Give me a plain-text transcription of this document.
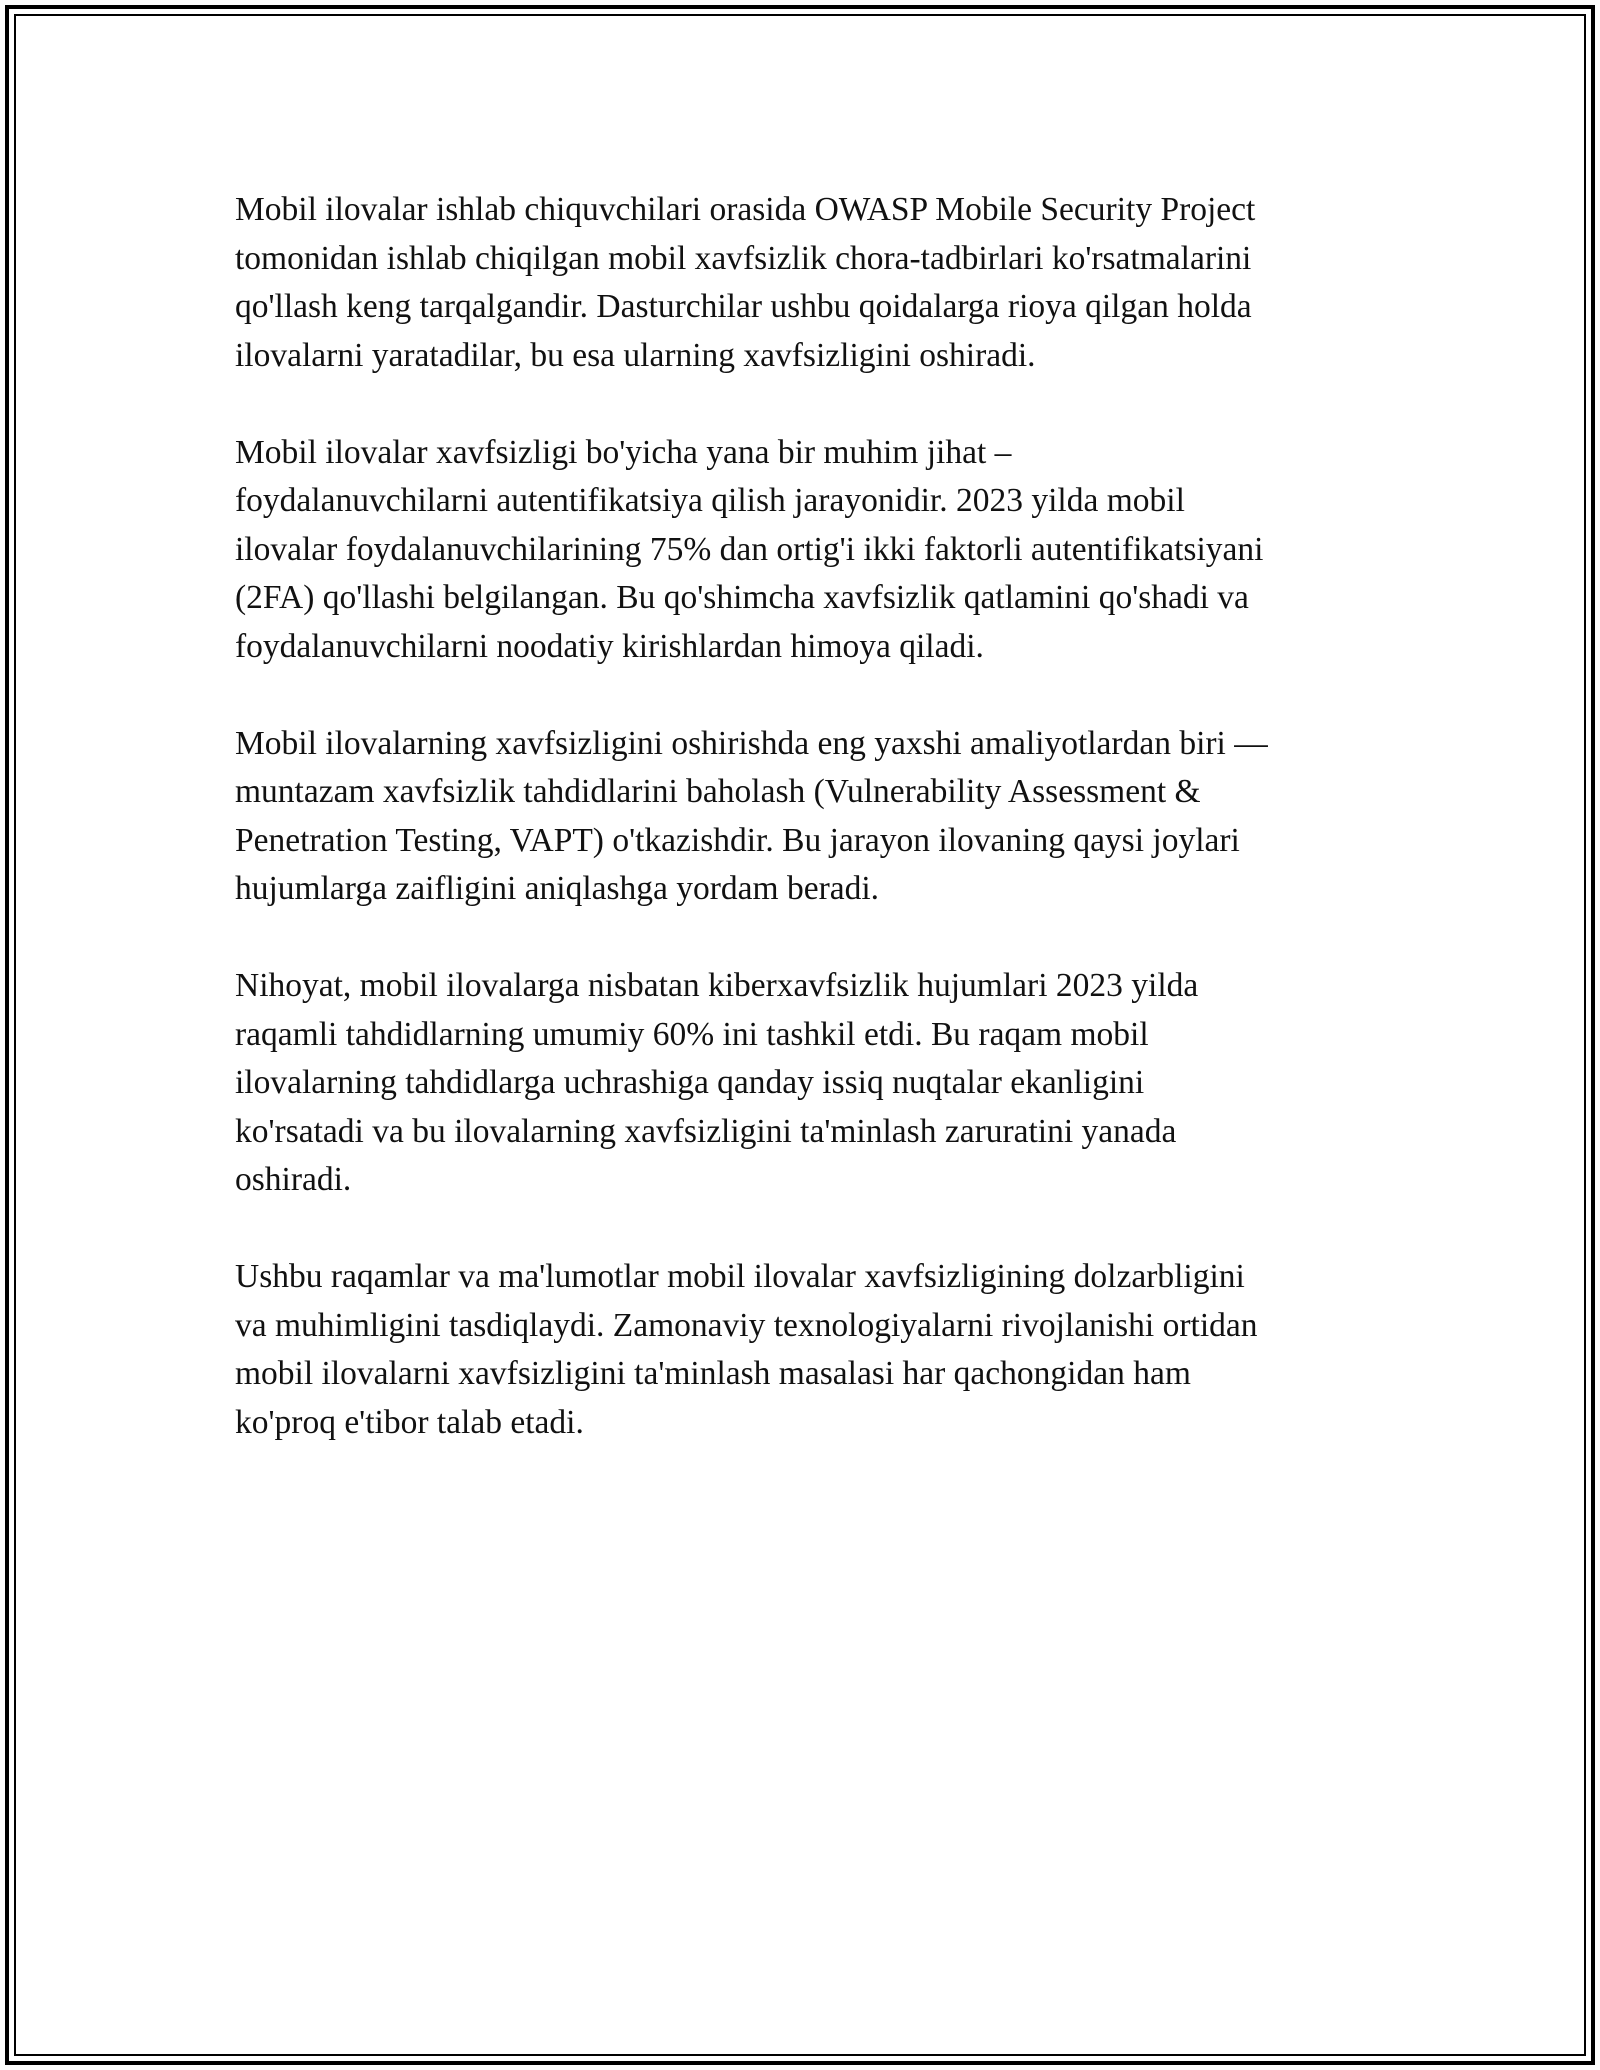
Mobil ilovalar ishlab chiquvchilari orasida OWASP Mobile Security Project
tomonidan ishlab chiqilgan mobil xavfsizlik chora-tadbirlari ko'rsatmalarini
qo'llash keng tarqalgandir. Dasturchilar ushbu qoidalarga rioya qilgan holda
ilovalarni yaratadilar, bu esa ularning xavfsizligini oshiradi.

Mobil ilovalar xavfsizligi bo'yicha yana bir muhim jihat –
foydalanuvchilarni autentifikatsiya qilish jarayonidir. 2023 yilda mobil
ilovalar foydalanuvchilarining 75% dan ortig'i ikki faktorli autentifikatsiyani
(2FA) qo'llashi belgilangan. Bu qo'shimcha xavfsizlik qatlamini qo'shadi va
foydalanuvchilarni noodatiy kirishlardan himoya qiladi.

Mobil ilovalarning xavfsizligini oshirishda eng yaxshi amaliyotlardan biri —
muntazam xavfsizlik tahdidlarini baholash (Vulnerability Assessment &
Penetration Testing, VAPT) o'tkazishdir. Bu jarayon ilovaning qaysi joylari
hujumlarga zaifligini aniqlashga yordam beradi.

Nihoyat, mobil ilovalarga nisbatan kiberxavfsizlik hujumlari 2023 yilda
raqamli tahdidlarning umumiy 60% ini tashkil etdi. Bu raqam mobil
ilovalarning tahdidlarga uchrashiga qanday issiq nuqtalar ekanligini
ko'rsatadi va bu ilovalarning xavfsizligini ta'minlash zaruratini yanada
oshiradi.

Ushbu raqamlar va ma'lumotlar mobil ilovalar xavfsizligining dolzarbligini
va muhimligini tasdiqlaydi. Zamonaviy texnologiyalarni rivojlanishi ortidan
mobil ilovalarni xavfsizligini ta'minlash masalasi har qachongidan ham
ko'proq e'tibor talab etadi.
